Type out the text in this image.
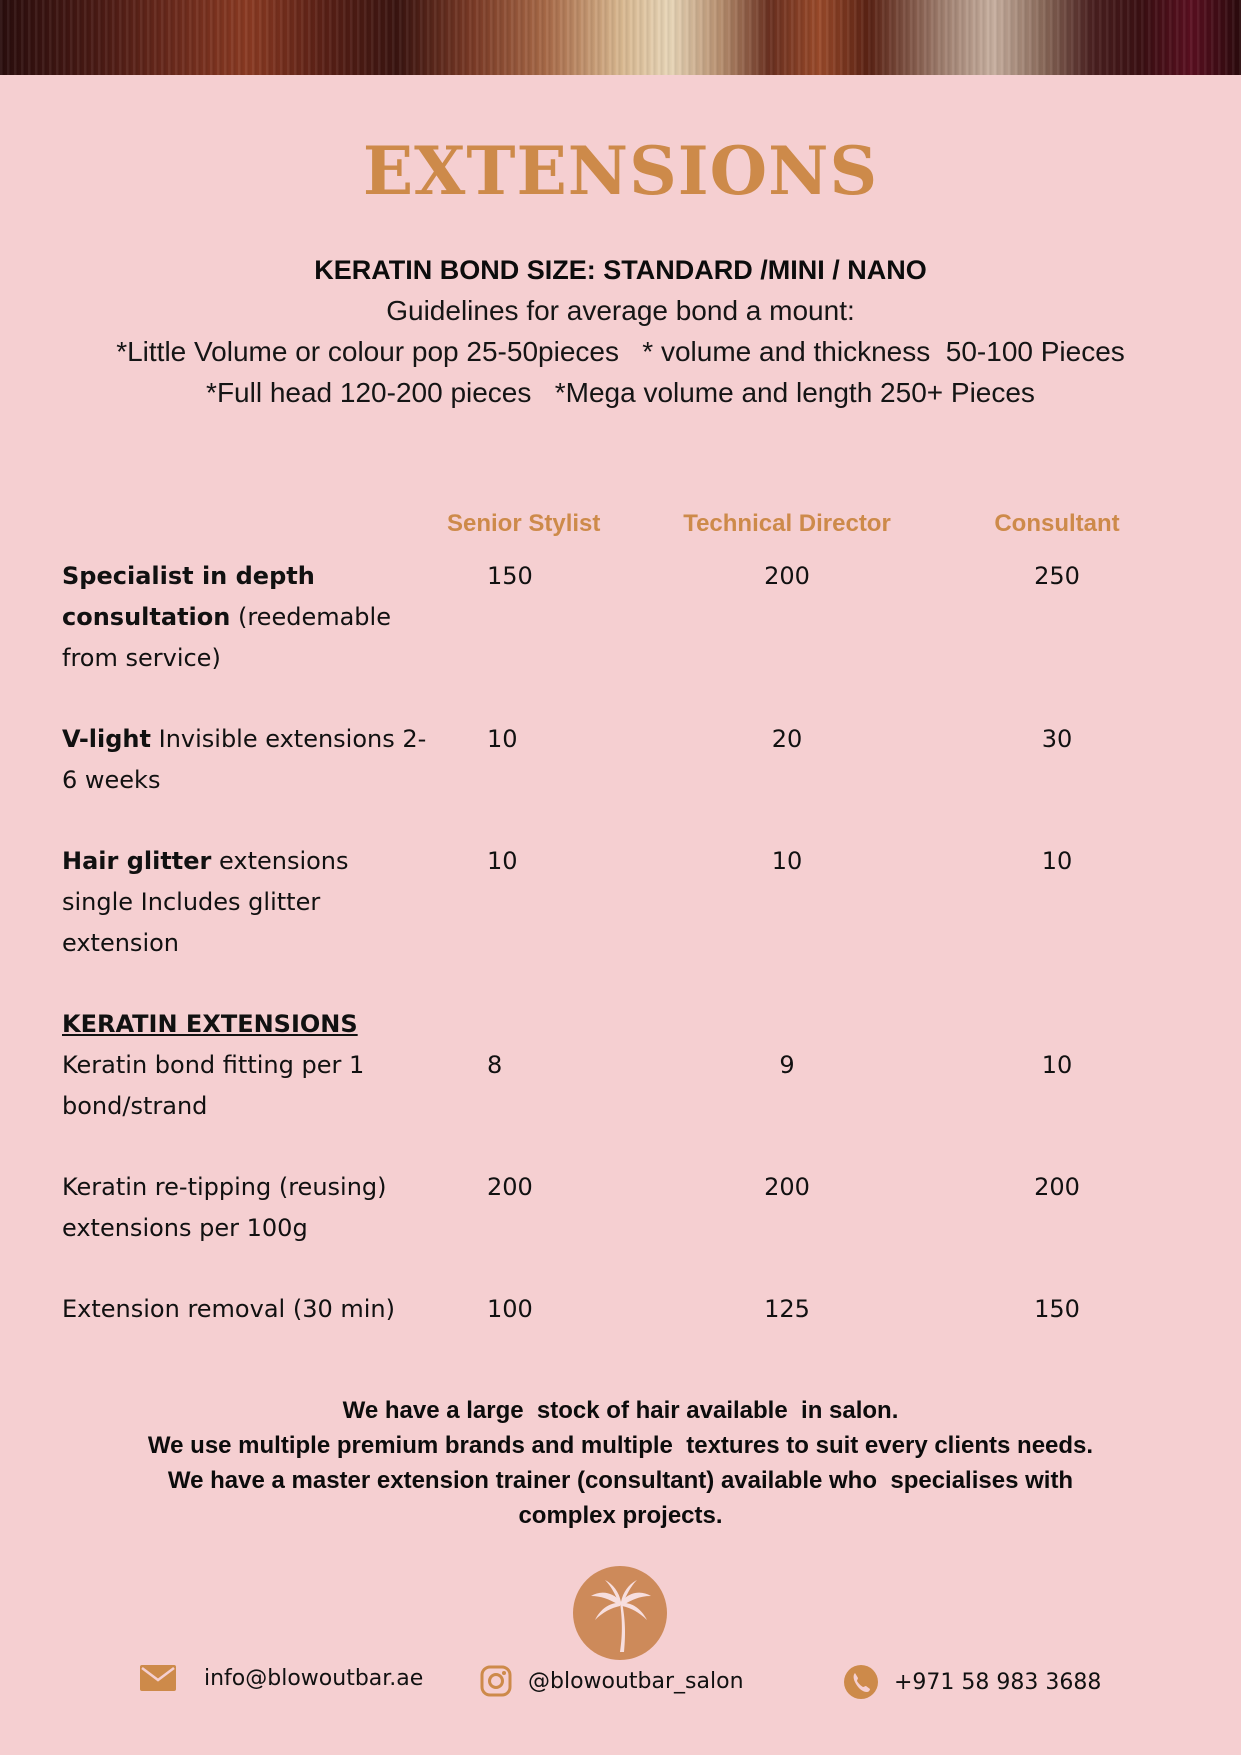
EXTENSIONS
KERATIN BOND SIZE: STANDARD /MINI / NANO
Guidelines for average bond a mount:
*Little Volume or colour pop 25-50pieces   * volume and thickness  50-100 Pieces
*Full head 120-200 pieces   *Mega volume and length 250+ Pieces
	Senior Stylist	Technical Director	Consultant
Specialist in depth consultation (reedemable from service)	150	200	250
V-light Invisible extensions 2-6 weeks	10	20	30
Hair glitter extensions single Includes glitter extension	10	10	10

KERATIN EXTENSIONS
Keratin bond fitting per 1 bond/strand	8	9	10
Keratin re-tipping (reusing) extensions per 100g	200	200	200
Extension removal (30 min)	100	125	150
We have a large  stock of hair available  in salon.
We use multiple premium brands and multiple  textures to suit every clients needs.
We have a master extension trainer (consultant) available who  specialises with
complex projects.
info@blowoutbar.ae	@blowoutbar_salon	+971 58 983 3688
